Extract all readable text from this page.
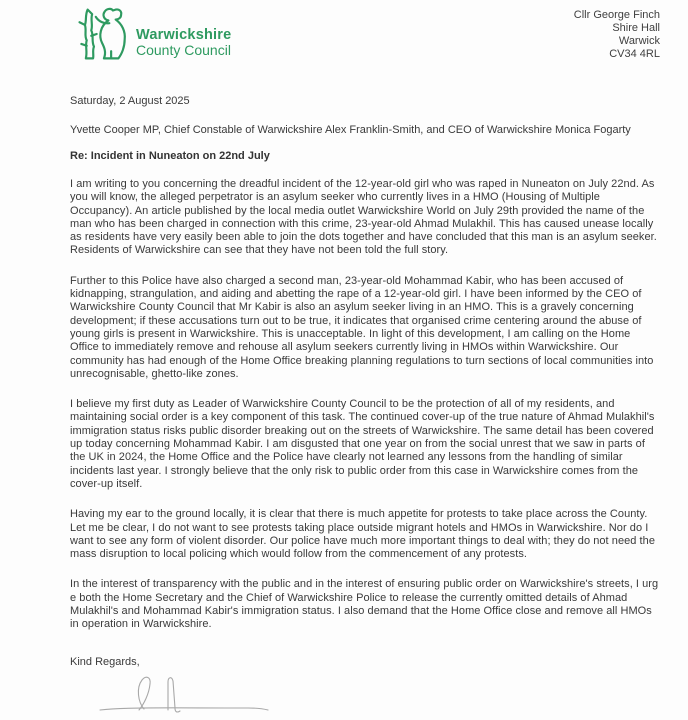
Warwickshire
County Council
Cllr George Finch
Shire Hall
Warwick
CV34 4RL
Saturday, 2 August 2025
Yvette Cooper MP, Chief Constable of Warwickshire Alex Franklin-Smith, and CEO of Warwickshire Monica Fogarty
Re: Incident in Nuneaton on 22nd July

I am writing to you concerning the dreadful incident of the 12-year-old girl who was raped in Nuneaton on July 22nd. As you will know, the alleged perpetrator is an asylum seeker who currently lives in a HMO (Housing of Multiple Occupancy). An article published by the local media outlet Warwickshire World on July 29th provided the name of the man who has been charged in connection with this crime, 23-year-old Ahmad Mulakhil. This has caused unease locally as residents have very easily been able to join the dots together and have concluded that this man is an asylum seeker. Residents of Warwickshire can see that they have not been told the full story.

Further to this Police have also charged a second man, 23-year-old Mohammad Kabir, who has been accused of kidnapping, strangulation, and aiding and abetting the rape of a 12-year-old girl. I have been informed by the CEO of Warwickshire County Council that Mr Kabir is also an asylum seeker living in an HMO. This is a gravely concerning development; if these accusations turn out to be true, it indicates that organised crime centering around the abuse of young girls is present in Warwickshire. This is unacceptable. In light of this development, I am calling on the Home Office to immediately remove and rehouse all asylum seekers currently living in HMOs within Warwickshire. Our community has had enough of the Home Office breaking planning regulations to turn sections of local communities into unrecognisable, ghetto-like zones.

I believe my first duty as Leader of Warwickshire County Council to be the protection of all of my residents, and maintaining social order is a key component of this task. The continued cover-up of the true nature of Ahmad Mulakhil's immigration status risks public disorder breaking out on the streets of Warwickshire. The same detail has been covered up today concerning Mohammad Kabir. I am disgusted that one year on from the social unrest that we saw in parts of the UK in 2024, the Home Office and the Police have clearly not learned any lessons from the handling of similar incidents last year. I strongly believe that the only risk to public order from this case in Warwickshire comes from the cover-up itself.

Having my ear to the ground locally, it is clear that there is much appetite for protests to take place across the County. Let me be clear, I do not want to see protests taking place outside migrant hotels and HMOs in Warwickshire. Nor do I want to see any form of violent disorder. Our police have much more important things to deal with; they do not need the mass disruption to local policing which would follow from the commencement of any protests.

In the interest of transparency with the public and in the interest of ensuring public order on Warwickshire's streets, I urg e both the Home Secretary and the Chief of Warwickshire Police to release the currently omitted details of Ahmad Mulakhil's and Mohammad Kabir's immigration status. I also demand that the Home Office close and remove all HMOs in operation in Warwickshire.

Kind Regards,
